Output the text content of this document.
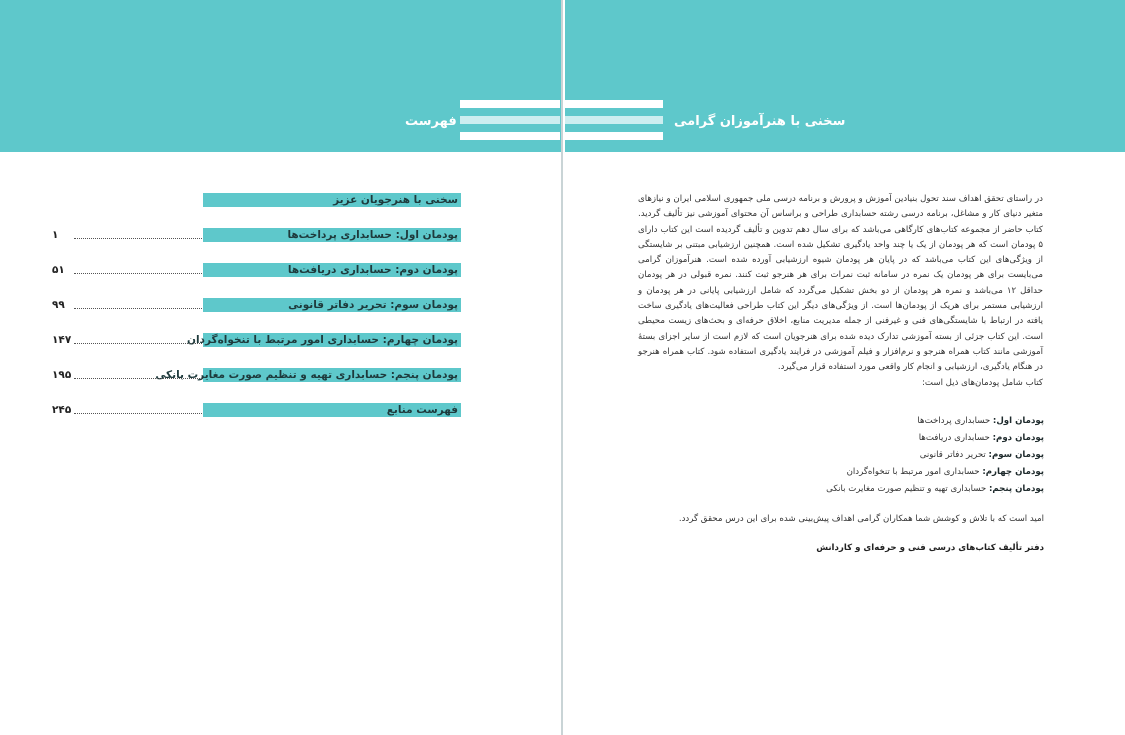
فهرست	سخنی با هنرآموزان گرامی
سخنی با هنرجویان عزیز
پودمان اول: حسابداری پرداخت‌ها
۱
پودمان دوم: حسابداری دریافت‌ها
۵۱
پودمان سوم: تحریر دفاتر قانونی
۹۹
پودمان چهارم: حسابداری امور مرتبط با تنخواه‌گردان
۱۴۷
پودمان پنجم: حسابداری تهیه و تنظیم صورت مغایرت بانکی
۱۹۵
فهرست منابع
۲۴۵
در راستای تحقق اهداف سند تحول بنیادین آموزش و پرورش و برنامه درسی ملی جمهوری اسلامی ایران و نیازهای متغیر دنیای کار و مشاغل، برنامه درسی رشته حسابداری طراحی و براساس آن محتوای آموزشی نیز تألیف گردید. کتاب حاضر از مجموعه کتاب‌های کارگاهی می‌باشد که برای سال دهم تدوین و تألیف گردیده است این کتاب دارای ۵ پودمان است که هر پودمان از یک یا چند واحد یادگیری تشکیل شده است. همچنین ارزشیابی مبتنی بر شایستگی از ویژگی‌های این کتاب می‌باشد که در پایان هر پودمان شیوه ارزشیابی آورده شده است. هنرآموزان گرامی می‌بایست برای هر پودمان یک نمره در سامانه ثبت نمرات برای هر هنرجو ثبت کنند. نمره قبولی در هر پودمان حداقل ۱۲ می‌باشد و نمره هر پودمان از دو بخش تشکیل می‌گردد که شامل ارزشیابی پایانی در هر پودمان و ارزشیابی مستمر برای هریک از پودمان‌ها است. از ویژگی‌های دیگر این کتاب طراحی فعالیت‌های یادگیری ساخت یافته در ارتباط با شایستگی‌های فنی و غیرفنی از جمله مدیریت منابع، اخلاق حرفه‌ای و بحث‌های زیست محیطی است. این کتاب جزئی از بسته آموزشی تدارک دیده شده برای هنرجویان است که لازم است از سایر اجزای بستهٔ آموزشی مانند کتاب همراه هنرجو و نرم‌افزار و فیلم آموزشی در فرایند یادگیری استفاده شود. کتاب همراه هنرجو در هنگام یادگیری، ارزشیابی و انجام کار واقعی مورد استفاده قرار می‌گیرد.
کتاب شامل پودمان‌های ذیل است:
پودمان اول: حسابداری پرداخت‌ها
پودمان دوم: حسابداری دریافت‌ها
پودمان سوم: تحریر دفاتر قانونی
پودمان چهارم: حسابداری امور مرتبط با تنخواه‌گردان
پودمان پنجم: حسابداری تهیه و تنظیم صورت مغایرت بانکی
امید است که با تلاش و کوشش شما همکاران گرامی اهداف پیش‌بینی شده برای این درس محقق گردد.
دفتر تألیف کتاب‌های درسی فنی و حرفه‌ای و کاردانش
